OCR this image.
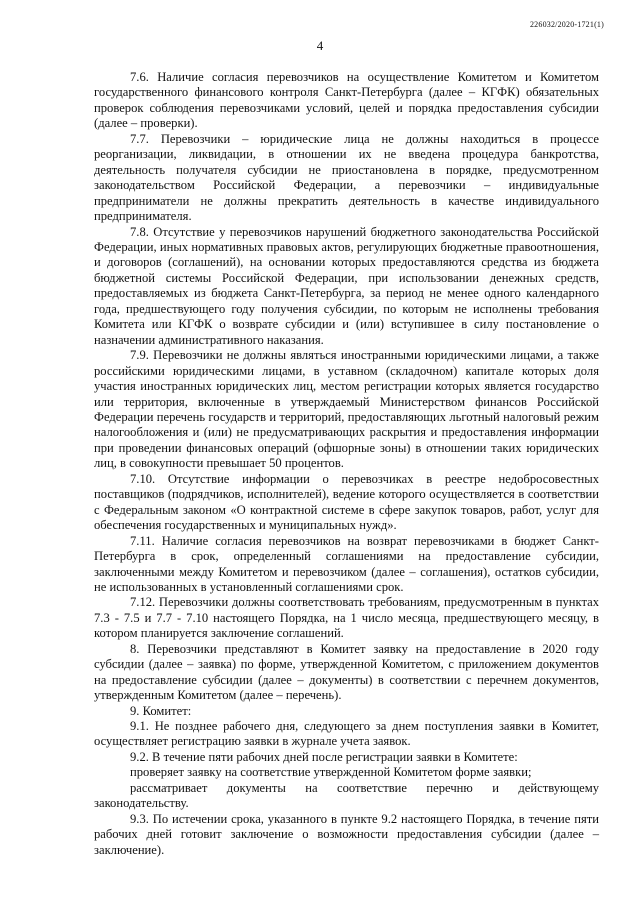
226032/2020-1721(1)
4

7.6. Наличие согласия перевозчиков на осуществление Комитетом и Комитетом государственного финансового контроля Санкт-Петербурга (далее – КГФК) обязательных проверок соблюдения перевозчиками условий, целей и порядка предоставления субсидии (далее – проверки).

7.7. Перевозчики – юридические лица не должны находиться в процессе реорганизации, ликвидации, в отношении их не введена процедура банкротства, деятельность получателя субсидии не приостановлена в порядке, предусмотренном законодательством Российской Федерации, а перевозчики – индивидуальные предприниматели не должны прекратить деятельность в качестве индивидуального предпринимателя.

7.8. Отсутствие у перевозчиков нарушений бюджетного законодательства Российской Федерации, иных нормативных правовых актов, регулирующих бюджетные правоотношения, и договоров (соглашений), на основании которых предоставляются средства из бюджета бюджетной системы Российской Федерации, при использовании денежных средств, предоставляемых из бюджета Санкт-Петербурга, за период не менее одного календарного года, предшествующего году получения субсидии, по которым не исполнены требования Комитета или КГФК о возврате субсидии и (или) вступившее в силу постановление о назначении административного наказания.

7.9. Перевозчики не должны являться иностранными юридическими лицами, а также российскими юридическими лицами, в уставном (складочном) капитале которых доля участия иностранных юридических лиц, местом регистрации которых является государство или территория, включенные в утверждаемый Министерством финансов Российской Федерации перечень государств и территорий, предоставляющих льготный налоговый режим налогообложения и (или) не предусматривающих раскрытия и предоставления информации при проведении финансовых операций (офшорные зоны) в отношении таких юридических лиц, в совокупности превышает 50 процентов.

7.10. Отсутствие информации о перевозчиках в реестре недобросовестных поставщиков (подрядчиков, исполнителей), ведение которого осуществляется в соответствии с Федеральным законом «О контрактной системе в сфере закупок товаров, работ, услуг для обеспечения государственных и муниципальных нужд».

7.11. Наличие согласия перевозчиков на возврат перевозчиками в бюджет Санкт-Петербурга в срок, определенный соглашениями на предоставление субсидии, заключенными между Комитетом и перевозчиком (далее – соглашения), остатков субсидии, не использованных в установленный соглашениями срок.

7.12. Перевозчики должны соответствовать требованиям, предусмотренным в пунктах 7.3 - 7.5 и 7.7 - 7.10 настоящего Порядка, на 1 число месяца, предшествующего месяцу, в котором планируется заключение соглашений.

8. Перевозчики представляют в Комитет заявку на предоставление в 2020 году субсидии (далее – заявка) по форме, утвержденной Комитетом, с приложением документов на предоставление субсидии (далее – документы) в соответствии с перечнем документов, утвержденным Комитетом (далее – перечень).

9. Комитет:

9.1. Не позднее рабочего дня, следующего за днем поступления заявки в Комитет, осуществляет регистрацию заявки в журнале учета заявок.

9.2. В течение пяти рабочих дней после регистрации заявки в Комитете:

проверяет заявку на соответствие утвержденной Комитетом форме заявки;

рассматривает документы на соответствие перечню и действующему законодательству.

9.3. По истечении срока, указанного в пункте 9.2 настоящего Порядка, в течение пяти рабочих дней готовит заключение о возможности предоставления субсидии (далее – заключение).
